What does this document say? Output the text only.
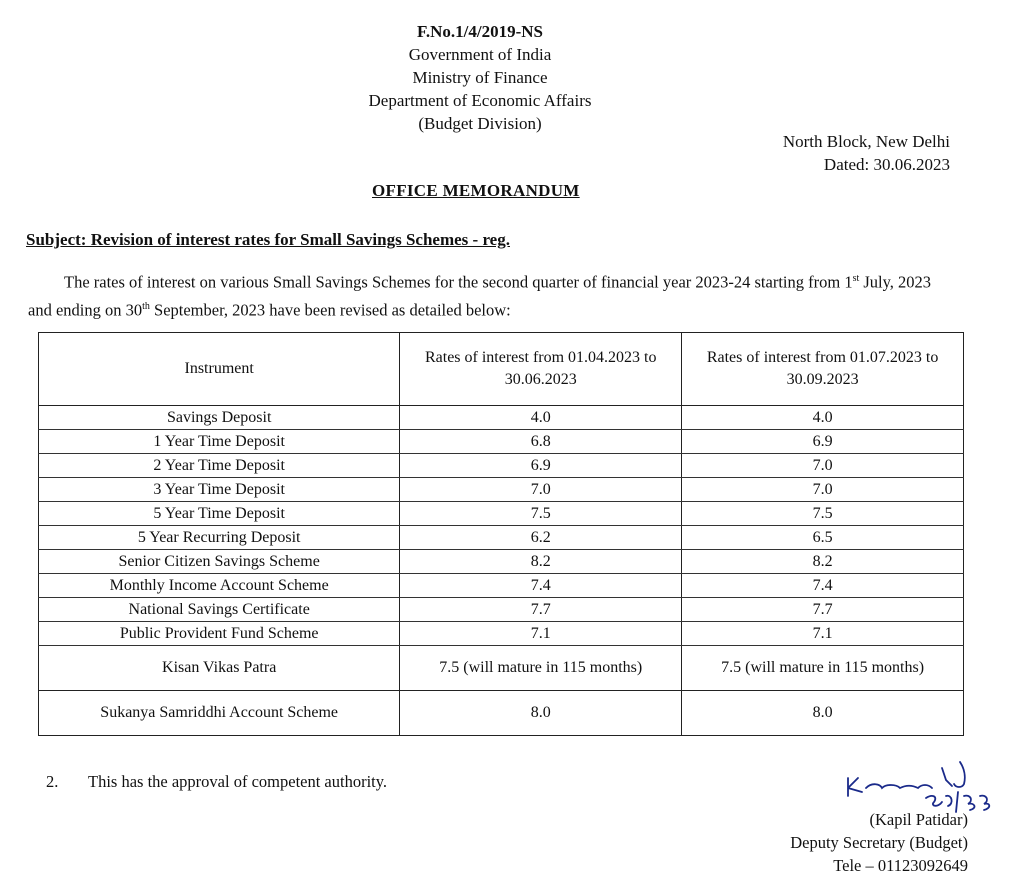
F.No.1/4/2019-NS
Government of India
Ministry of Finance
Department of Economic Affairs
(Budget Division)
North Block, New Delhi
Dated: 30.06.2023
OFFICE MEMORANDUM
Subject: Revision of interest rates for Small Savings Schemes - reg.
The rates of interest on various Small Savings Schemes for the second quarter of financial year 2023-24 starting from 1st July, 2023 and ending on 30th September, 2023 have been revised as detailed below:
Instrument	Rates of interest from 01.04.2023 to 30.06.2023	Rates of interest from 01.07.2023 to 30.09.2023
Savings Deposit	4.0	4.0
1 Year Time Deposit	6.8	6.9
2 Year Time Deposit	6.9	7.0
3 Year Time Deposit	7.0	7.0
5 Year Time Deposit	7.5	7.5
5 Year Recurring Deposit	6.2	6.5
Senior Citizen Savings Scheme	8.2	8.2
Monthly Income Account Scheme	7.4	7.4
National Savings Certificate	7.7	7.7
Public Provident Fund Scheme	7.1	7.1
Kisan Vikas Patra	7.5 (will mature in 115 months)	7.5 (will mature in 115 months)
Sukanya Samriddhi Account Scheme	8.0	8.0
2. This has the approval of competent authority.
(Kapil Patidar)
Deputy Secretary (Budget)
Tele – 01123092649
